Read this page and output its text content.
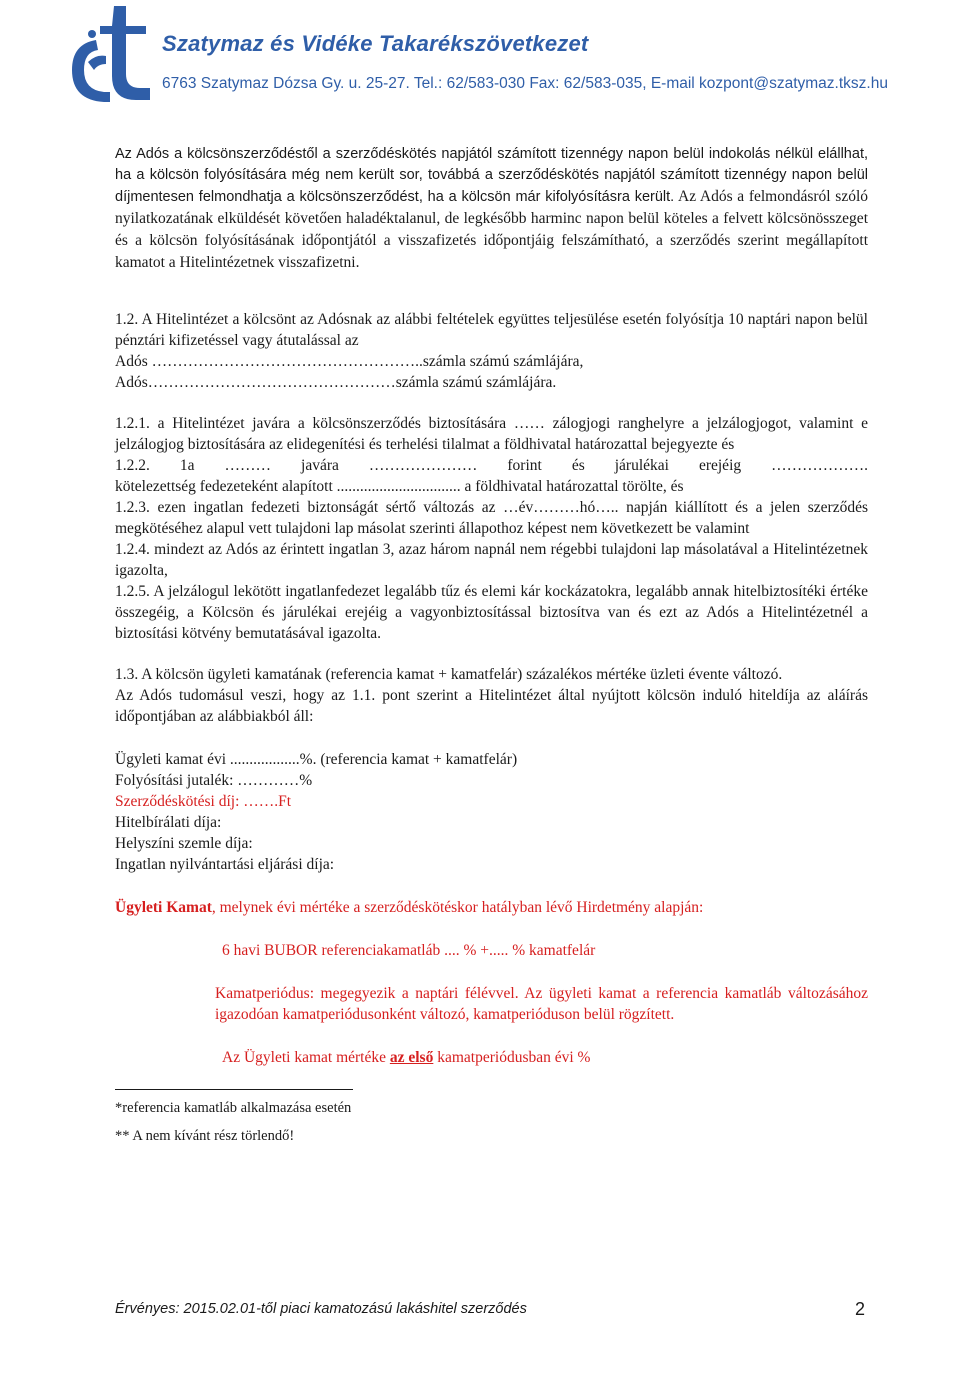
Szatymaz és Vidéke Takarékszövetkezet
6763 Szatymaz Dózsa Gy. u. 25-27. Tel.: 62/583-030 Fax: 62/583-035, E-mail kozpont@szatymaz.tksz.hu

Az Adós a kölcsönszerződéstől a szerződéskötés napjától számított tizennégy napon belül indokolás nélkül elállhat, ha a kölcsön folyósítására még nem került sor, továbbá a szerződéskötés napjától számított tizennégy napon belül díjmentesen felmondhatja a kölcsönszerződést, ha a kölcsön már kifolyósításra került. Az Adós a felmondásról szóló nyilatkozatának elküldését követően haladéktalanul, de legkésőbb harminc napon belül köteles a felvett kölcsönösszeget és a kölcsön folyósításának időpontjától a visszafizetés időpontjáig felszámítható, a szerződés szerint megállapított kamatot a Hitelintézetnek visszafizetni.

1.2. A Hitelintézet a kölcsönt az Adósnak az alábbi feltételek együttes teljesülése esetén folyósítja 10 naptári napon belül pénztári kifizetéssel vagy átutalással az

Adós ……………………………………………..számla számú számlájára,

Adós…………………………………………számla számú számlájára.

1.2.1. a Hitelintézet javára a kölcsönszerződés biztosítására …… zálogjogi ranghelyre a jelzálogjogot, valamint e jelzálogjog biztosítására az elidegenítési és terhelési tilalmat a földhivatal határozattal bejegyezte és

1.2.2. 1a ……… javára ………………… forint és járulékai erejéig ……………….

kötelezettség fedezeteként alapított ................................ a földhivatal határozattal törölte, és

1.2.3. ezen ingatlan fedezeti biztonságát sértő változás az …év………hó….. napján kiállított és a jelen szerződés megkötéséhez alapul vett tulajdoni lap másolat szerinti állapothoz képest nem következett be valamint

1.2.4. mindezt az Adós az érintett ingatlan 3, azaz három napnál nem régebbi tulajdoni lap másolatával a Hitelintézetnek igazolta,

1.2.5. A jelzálogul lekötött ingatlanfedezet legalább tűz és elemi kár kockázatokra, legalább annak hitelbiztosítéki értéke összegéig, a Kölcsön és járulékai erejéig a vagyonbiztosítással biztosítva van és ezt az Adós a Hitelintézetnél a biztosítási kötvény bemutatásával igazolta.

1.3. A kölcsön ügyleti kamatának (referencia kamat + kamatfelár) százalékos mértéke üzleti évente változó.

Az Adós tudomásul veszi, hogy az 1.1. pont szerint a Hitelintézet által nyújtott kölcsön induló hiteldíja az aláírás időpontjában az alábbiakból áll:

Ügyleti kamat évi ..................%. (referencia kamat + kamatfelár)

Folyósítási jutalék: …………%

Szerződéskötési díj: …….Ft

Hitelbírálati díja:

Helyszíni szemle díja:

Ingatlan nyilvántartási eljárási díja:

Ügyleti Kamat, melynek évi mértéke a szerződéskötéskor hatályban lévő Hirdetmény alapján:

6 havi BUBOR referenciakamatláb .... % +..... % kamatfelár

Kamatperiódus: megegyezik a naptári félévvel. Az ügyleti kamat a referencia kamatláb változásához igazodóan kamatperiódusonként változó, kamatperióduson belül rögzített.

Az Ügyleti kamat mértéke az első kamatperiódusban évi %

*referencia kamatláb alkalmazása esetén

** A nem kívánt rész törlendő!

Érvényes: 2015.02.01-től piaci kamatozású lakáshitel szerződés	2
